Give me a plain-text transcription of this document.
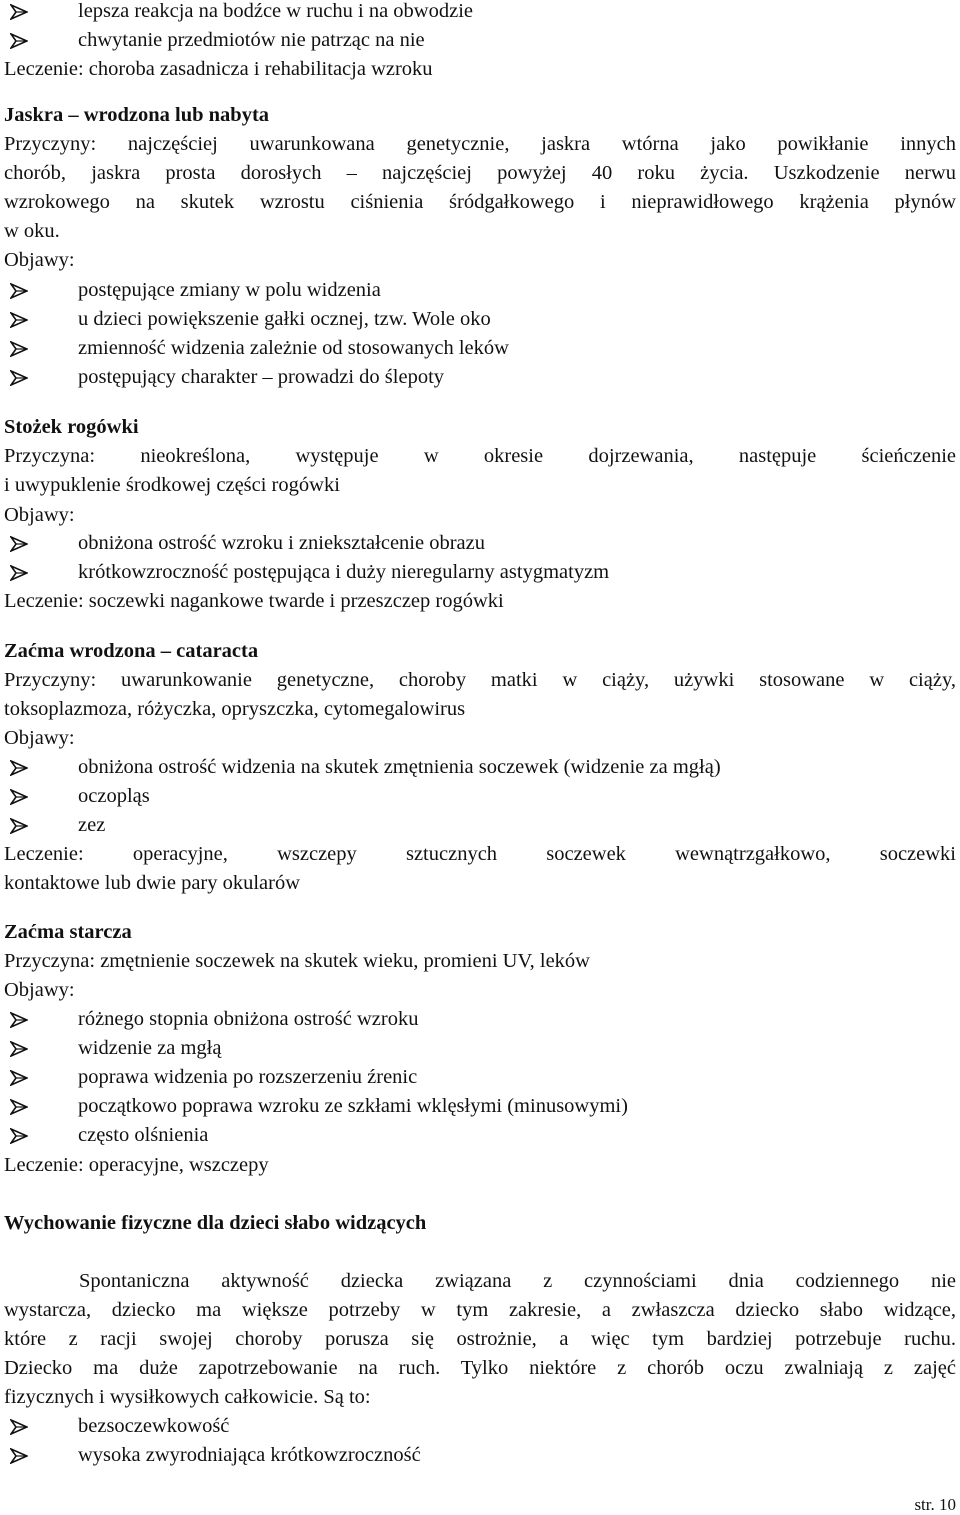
lepsza reakcja na bodźce w ruchu i na obwodzie
chwytanie przedmiotów nie patrząc na nie
Leczenie: choroba zasadnicza i rehabilitacja wzroku
Jaskra – wrodzona lub nabyta
Przyczyny: najczęściej uwarunkowana genetycznie, jaskra wtórna jako powikłanie innych
chorób, jaskra prosta dorosłych – najczęściej powyżej 40 roku życia. Uszkodzenie nerwu
wzrokowego na skutek wzrostu ciśnienia śródgałkowego i nieprawidłowego krążenia płynów
w oku.
Objawy:
postępujące zmiany w polu widzenia
u dzieci powiększenie gałki ocznej, tzw. Wole oko
zmienność widzenia zależnie od stosowanych leków
postępujący charakter – prowadzi do ślepoty
Stożek rogówki
Przyczyna: nieokreślona, występuje w okresie dojrzewania, następuje ścieńczenie
i uwypuklenie środkowej części rogówki
Objawy:
obniżona ostrość wzroku i zniekształcenie obrazu
krótkowzroczność postępująca i duży nieregularny astygmatyzm
Leczenie: soczewki nagankowe twarde i przeszczep rogówki
Zaćma wrodzona – cataracta
Przyczyny: uwarunkowanie genetyczne, choroby matki w ciąży, używki stosowane w ciąży,
toksoplazmoza, różyczka, opryszczka, cytomegalowirus
Objawy:
obniżona ostrość widzenia na skutek zmętnienia soczewek (widzenie za mgłą)
oczopląs
zez
Leczenie: operacyjne, wszczepy sztucznych soczewek wewnątrzgałkowo, soczewki
kontaktowe lub dwie pary okularów
Zaćma starcza
Przyczyna: zmętnienie soczewek na skutek wieku, promieni UV, leków
Objawy:
różnego stopnia obniżona ostrość wzroku
widzenie za mgłą
poprawa widzenia po rozszerzeniu źrenic
początkowo poprawa wzroku ze szkłami wklęsłymi (minusowymi)
często olśnienia
Leczenie: operacyjne, wszczepy
Wychowanie fizyczne dla dzieci słabo widzących
Spontaniczna aktywność dziecka związana z czynnościami dnia codziennego nie
wystarcza, dziecko ma większe potrzeby w tym zakresie, a zwłaszcza dziecko słabo widzące,
które z racji swojej choroby porusza się ostrożnie, a więc tym bardziej potrzebuje ruchu.
Dziecko ma duże zapotrzebowanie na ruch. Tylko niektóre z chorób oczu zwalniają z zajęć
fizycznych i wysiłkowych całkowicie. Są to:
bezsoczewkowość
wysoka zwyrodniająca krótkowzroczność
str. 10
